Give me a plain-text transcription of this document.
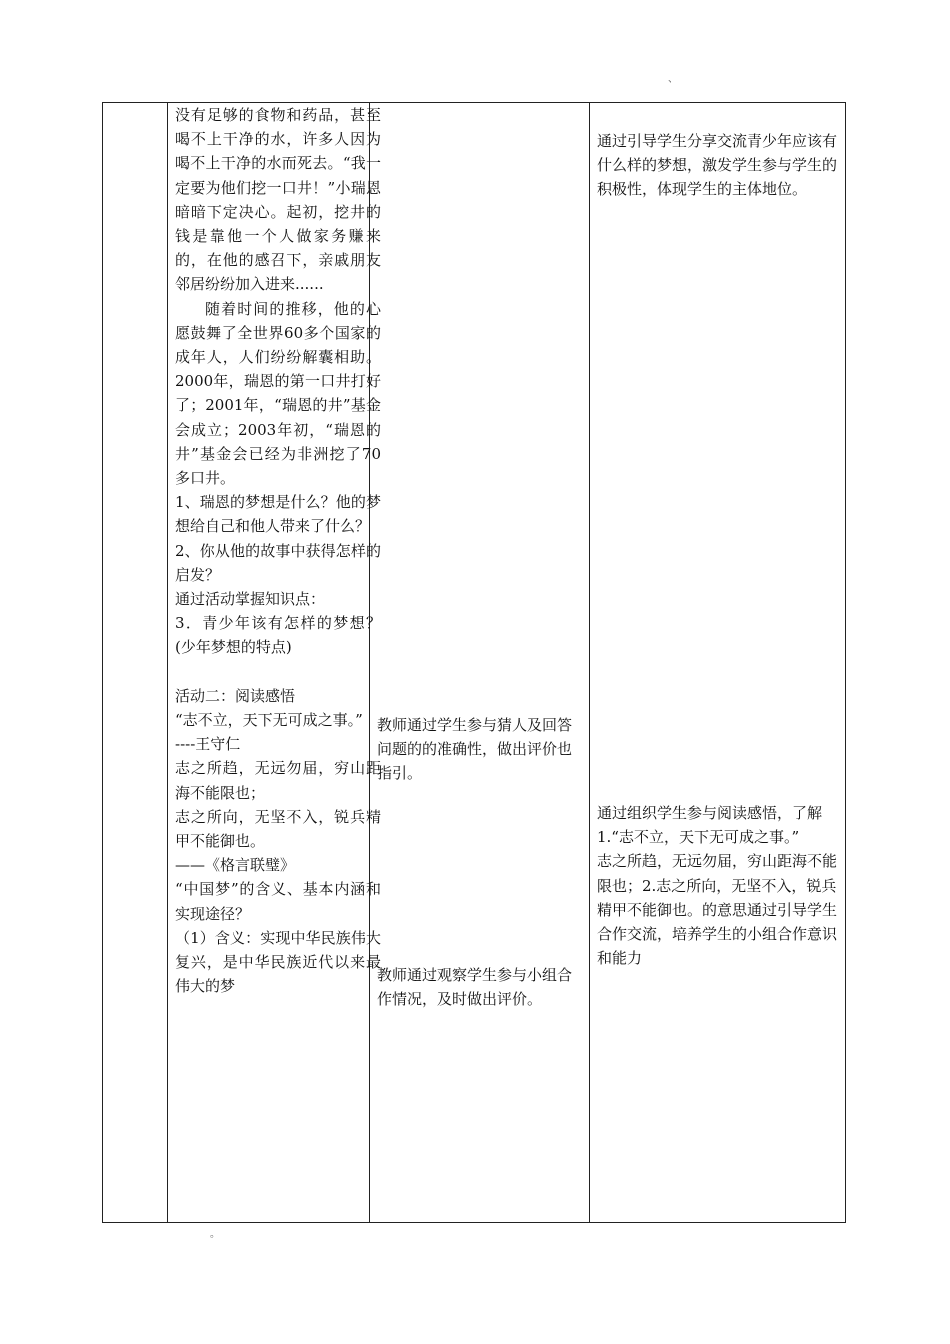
、

没有足够的食物和药品，甚至喝不上干净的水，许多人因为喝不上干净的水而死去。“我一定要为他们挖一口井！”小瑞恩暗暗下定决心。起初，挖井的钱是靠他一个人做家务赚来的，在他的感召下，亲戚朋友邻居纷纷加入进来......

随着时间的推移，他的心愿鼓舞了全世界60多个国家的成年人，人们纷纷解囊相助。2000年，瑞恩的第一口井打好了；2001年，“瑞恩的井”基金会成立；2003年初，“瑞恩的井”基金会已经为非洲挖了70多口井。

1、瑞恩的梦想是什么？他的梦想给自己和他人带来了什么？

2、你从他的故事中获得怎样的启发？

通过活动掌握知识点：

3．青少年该有怎样的梦想？(少年梦想的特点)

活动二：阅读感悟

“志不立，天下无可成之事。”

----王守仁

志之所趋，无远勿届，穷山距海不能限也；

志之所向，无坚不入，锐兵精甲不能御也。

——《格言联璧》

“中国梦”的含义、基本内涵和实现途径？

（1）含义：实现中华民族伟大复兴，是中华民族近代以来最伟大的梦

教师通过学生参与猜人及回答问题的的准确性，做出评价也指引。

教师通过观察学生参与小组合作情况，及时做出评价。

通过引导学生分享交流青少年应该有什么样的梦想，激发学生参与学生的积极性，体现学生的主体地位。

通过组织学生参与阅读感悟，了解1.“志不立，天下无可成之事。”

志之所趋，无远勿届，穷山距海不能限也；2.志之所向，无坚不入，锐兵精甲不能御也。的意思通过引导学生合作交流，培养学生的小组合作意识和能力

。
